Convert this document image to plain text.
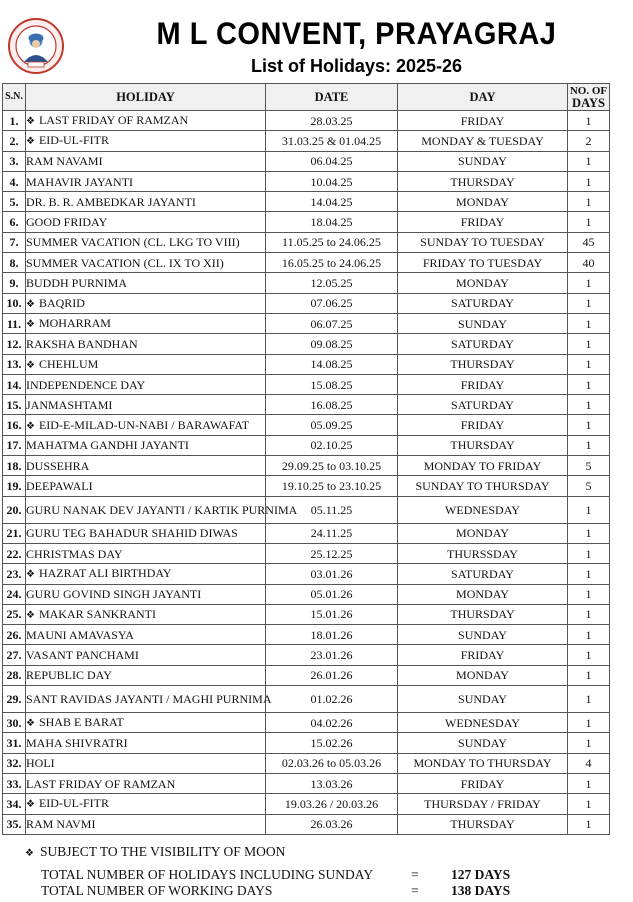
M L CONVENT, PRAYAGRAJ
List of Holidays: 2025-26
S.N.	HOLIDAY	DATE	DAY	NO. OF
DAYS

1.	❖ LAST FRIDAY OF RAMZAN	28.03.25	FRIDAY	1
2.	❖ EID-UL-FITR	31.03.25 & 01.04.25	MONDAY & TUESDAY	2
3.	RAM NAVAMI	06.04.25	SUNDAY	1
4.	MAHAVIR JAYANTI	10.04.25	THURSDAY	1
5.	DR. B. R. AMBEDKAR JAYANTI	14.04.25	MONDAY	1
6.	GOOD FRIDAY	18.04.25	FRIDAY	1
7.	SUMMER VACATION (CL. LKG TO VIII)	11.05.25 to 24.06.25	SUNDAY TO TUESDAY	45
8.	SUMMER VACATION (CL. IX TO XII)	16.05.25 to 24.06.25	FRIDAY TO TUESDAY	40
9.	BUDDH PURNIMA	12.05.25	MONDAY	1
10.	❖ BAQRID	07.06.25	SATURDAY	1
11.	❖ MOHARRAM	06.07.25	SUNDAY	1
12.	RAKSHA BANDHAN	09.08.25	SATURDAY	1
13.	❖ CHEHLUM	14.08.25	THURSDAY	1
14.	INDEPENDENCE DAY	15.08.25	FRIDAY	1
15.	JANMASHTAMI	16.08.25	SATURDAY	1
16.	❖ EID-E-MILAD-UN-NABI / BARAWAFAT	05.09.25	FRIDAY	1
17.	MAHATMA GANDHI JAYANTI	02.10.25	THURSDAY	1
18.	DUSSEHRA	29.09.25 to 03.10.25	MONDAY TO FRIDAY	5
19.	DEEPAWALI	19.10.25 to 23.10.25	SUNDAY TO THURSDAY	5
20.	GURU NANAK DEV JAYANTI / KARTIK PURNIMA	05.11.25	WEDNESDAY	1
21.	GURU TEG BAHADUR SHAHID DIWAS	24.11.25	MONDAY	1
22.	CHRISTMAS DAY	25.12.25	THURSSDAY	1
23.	❖ HAZRAT ALI BIRTHDAY	03.01.26	SATURDAY	1
24.	GURU GOVIND SINGH JAYANTI	05.01.26	MONDAY	1
25.	❖ MAKAR SANKRANTI	15.01.26	THURSDAY	1
26.	MAUNI AMAVASYA	18.01.26	SUNDAY	1
27.	VASANT PANCHAMI	23.01.26	FRIDAY	1
28.	REPUBLIC DAY	26.01.26	MONDAY	1
29.	SANT RAVIDAS JAYANTI / MAGHI PURNIMA	01.02.26	SUNDAY	1
30.	❖ SHAB E BARAT	04.02.26	WEDNESDAY	1
31.	MAHA SHIVRATRI	15.02.26	SUNDAY	1
32.	HOLI	02.03.26 to 05.03.26	MONDAY TO THURSDAY	4
33.	LAST FRIDAY OF RAMZAN	13.03.26	FRIDAY	1
34.	❖ EID-UL-FITR	19.03.26 / 20.03.26	THURSDAY / FRIDAY	1
35.	RAM NAVMI	26.03.26	THURSDAY	1
❖ SUBJECT TO THE VISIBILITY OF MOON
TOTAL NUMBER OF HOLIDAYS INCLUDING SUNDAY	= 127 DAYS
TOTAL NUMBER OF WORKING DAYS	= 138 DAYS
